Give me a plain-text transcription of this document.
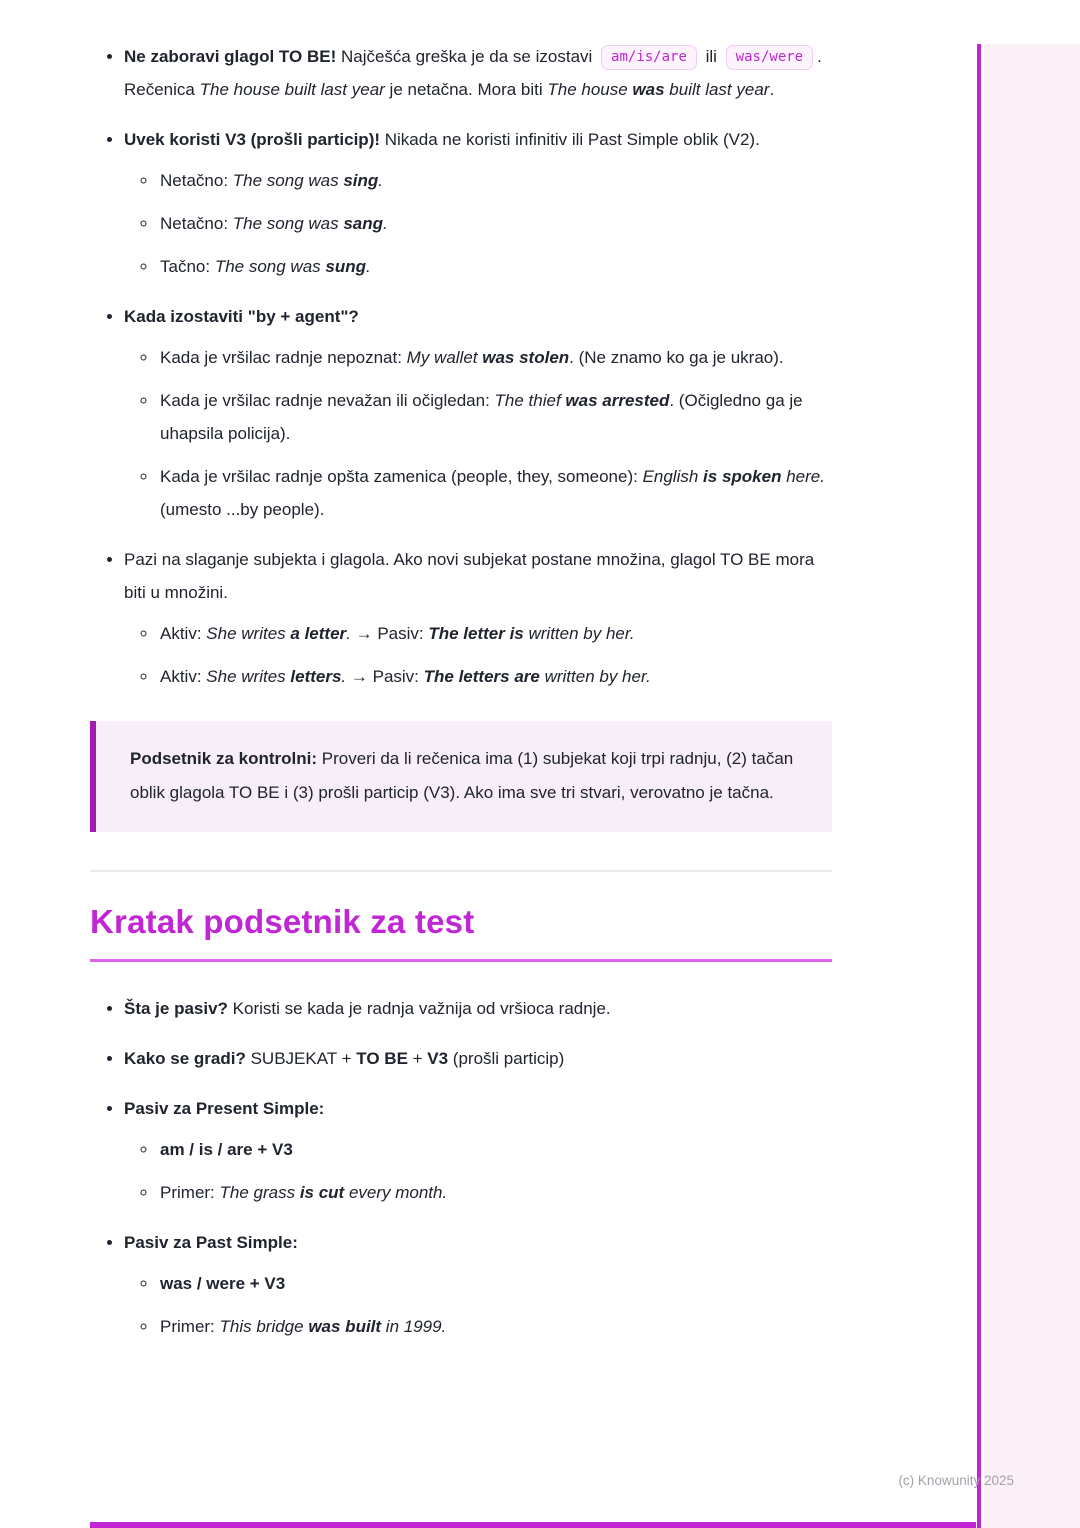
• Ne zaboravi glagol TO BE! Najčešća greška je da se izostavi am/is/are ili was/were . Rečenica The house built last year je netačna. Mora biti The house was built last year.
• Uvek koristi V3 (prošli particip)! Nikada ne koristi infinitiv ili Past Simple oblik (V2).
◦ Netačno: The song was sing.
◦ Netačno: The song was sang.
◦ Tačno: The song was sung.
• Kada izostaviti "by + agent"?
◦ Kada je vršilac radnje nepoznat: My wallet was stolen. (Ne znamo ko ga je ukrao).
◦ Kada je vršilac radnje nevažan ili očigledan: The thief was arrested. (Očigledno ga je uhapsila policija).
◦ Kada je vršilac radnje opšta zamenica (people, they, someone): English is spoken here. (umesto ...by people).
• Pazi na slaganje subjekta i glagola. Ako novi subjekat postane množina, glagol TO BE mora biti u množini.
◦ Aktiv: She writes a letter. → Pasiv: The letter is written by her.
◦ Aktiv: She writes letters. → Pasiv: The letters are written by her.
Podsetnik za kontrolni: Proveri da li rečenica ima (1) subjekat koji trpi radnju, (2) tačan oblik glagola TO BE i (3) prošli particip (V3). Ako ima sve tri stvari, verovatno je tačna.
Kratak podsetnik za test
• Šta je pasiv? Koristi se kada je radnja važnija od vršioca radnje.
• Kako se gradi? SUBJEKAT + TO BE + V3 (prošli particip)
• Pasiv za Present Simple:
◦ am / is / are + V3
◦ Primer: The grass is cut every month.
• Pasiv za Past Simple:
◦ was / were + V3
◦ Primer: This bridge was built in 1999.
(c) Knowunity 2025
